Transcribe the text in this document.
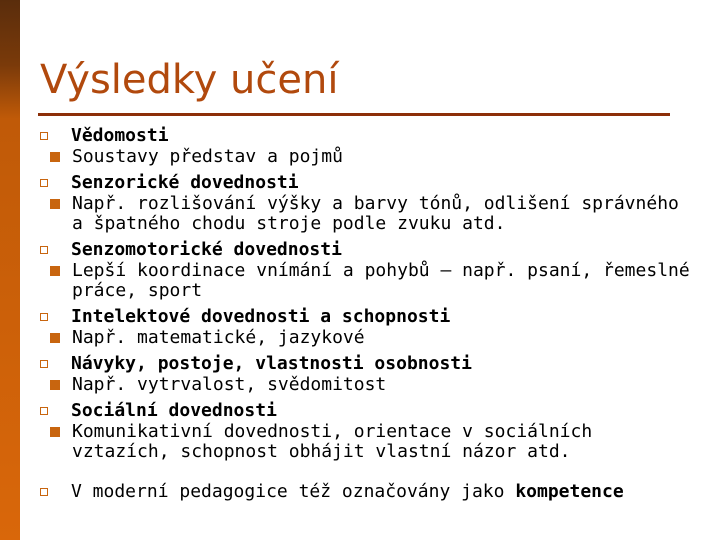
Výsledky učení
Vědomosti
Soustavy představ a pojmů
Senzorické dovednosti
Např. rozlišování výšky a barvy tónů, odlišení správného a špatného chodu stroje podle zvuku atd.
Senzomotorické dovednosti
Lepší koordinace vnímání a pohybů – např. psaní, řemeslné práce, sport
Intelektové dovednosti a schopnosti
Např. matematické, jazykové
Návyky, postoje, vlastnosti osobnosti
Např. vytrvalost, svědomitost
Sociální dovednosti
Komunikativní dovednosti, orientace v sociálních vztazích, schopnost obhájit vlastní názor atd.
V moderní pedagogice též označovány jako kompetence
